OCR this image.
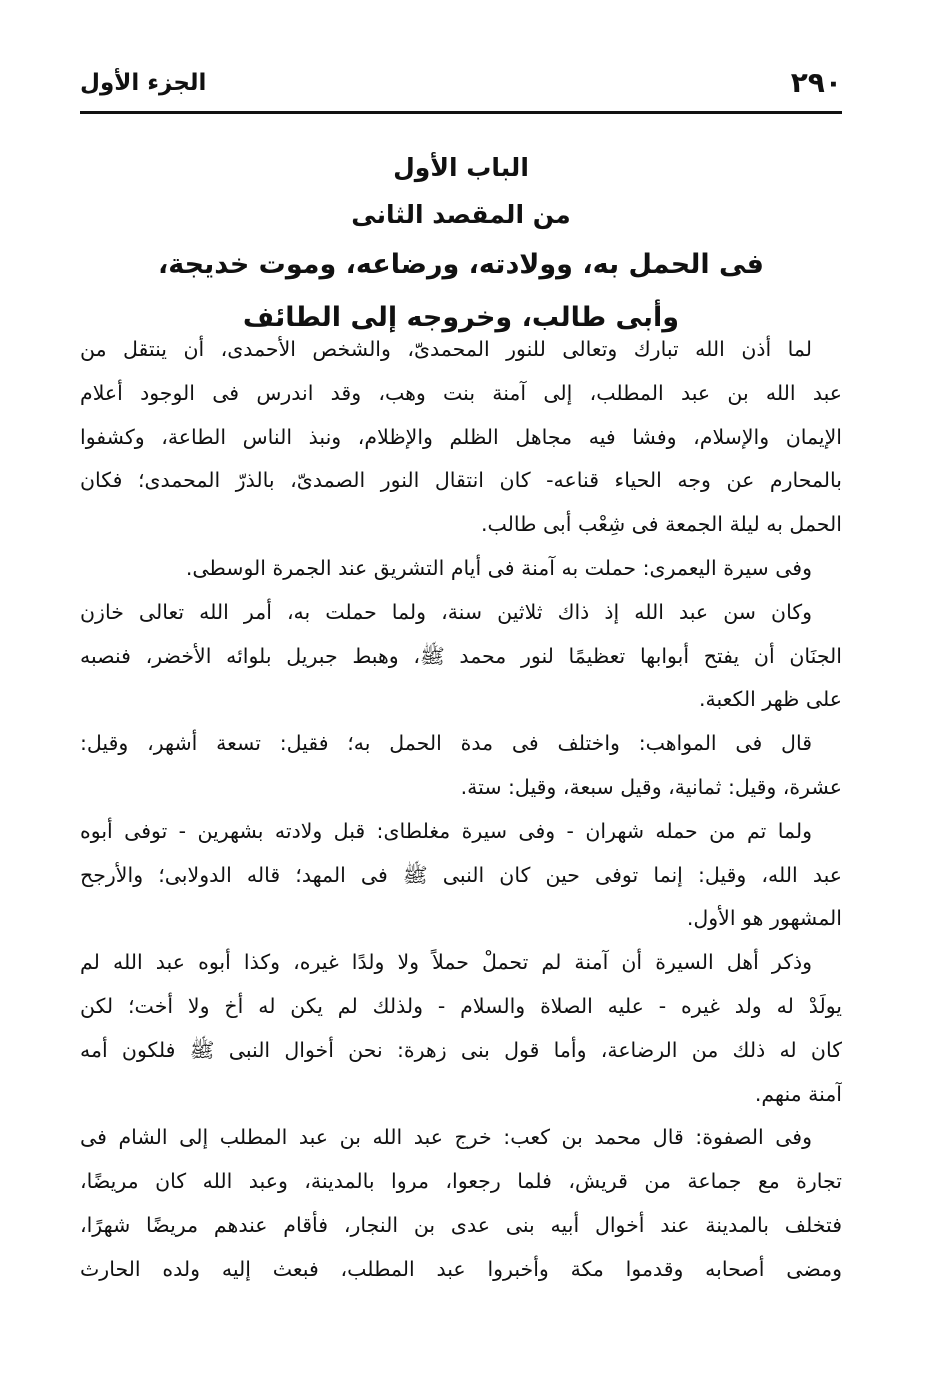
٢٩٠
الجزء الأول
الباب الأول
من المقصد الثانى
فى الحمل به، وولادته، ورضاعه، وموت خديجة،
وأبى طالب، وخروجه إلى الطائف
لما أذن الله تبارك وتعالى للنور المحمدىّ، والشخص الأحمدى، أن ينتقل من
عبد الله بن عبد المطلب، إلى آمنة بنت وهب، وقد اندرس فى الوجود أعلام
الإيمان والإسلام، وفشا فيه مجاهل الظلم والإظلام، ونبذ الناس الطاعة، وكشفوا
بالمحارم عن وجه الحياء قناعه- كان انتقال النور الصمدىّ، بالذرّ المحمدى؛ فكان
الحمل به ليلة الجمعة فى شِعْب أبى طالب.
وفى سيرة اليعمرى: حملت به آمنة فى أيام التشريق عند الجمرة الوسطى.
وكان سن عبد الله إذ ذاك ثلاثين سنة، ولما حملت به، أمر الله تعالى خازن
الجنَان أن يفتح أبوابها تعظيمًا لنور محمد ﷺ، وهبط جبريل بلوائه الأخضر، فنصبه
على ظهر الكعبة.
قال فى المواهب: واختلف فى مدة الحمل به؛ فقيل: تسعة أشهر، وقيل:
عشرة، وقيل: ثمانية، وقيل سبعة، وقيل: ستة.
ولما تم من حمله شهران - وفى سيرة مغلطاى: قبل ولادته بشهرين - توفى أبوه
عبد الله، وقيل: إنما توفى حين كان النبى ﷺ فى المهد؛ قاله الدولابى؛ والأرجح
المشهور هو الأول.
وذكر أهل السيرة أن آمنة لم تحملْ حملاً ولا ولدًا غيره، وكذا أبوه عبد الله لم
يولَدْ له ولد غيره - عليه الصلاة والسلام - ولذلك لم يكن له أخ ولا أخت؛ لكن
كان له ذلك من الرضاعة، وأما قول بنى زهرة: نحن أخوال النبى ﷺ فلكون أمه
آمنة منهم.
وفى الصفوة: قال محمد بن كعب: خرج عبد الله بن عبد المطلب إلى الشام فى
تجارة مع جماعة من قريش، فلما رجعوا، مروا بالمدينة، وعبد الله كان مريضًا،
فتخلف بالمدينة عند أخوال أبيه بنى عدى بن النجار، فأقام عندهم مريضًا شهرًا،
ومضى أصحابه وقدموا مكة وأخبروا عبد المطلب، فبعث إليه ولده الحارث
